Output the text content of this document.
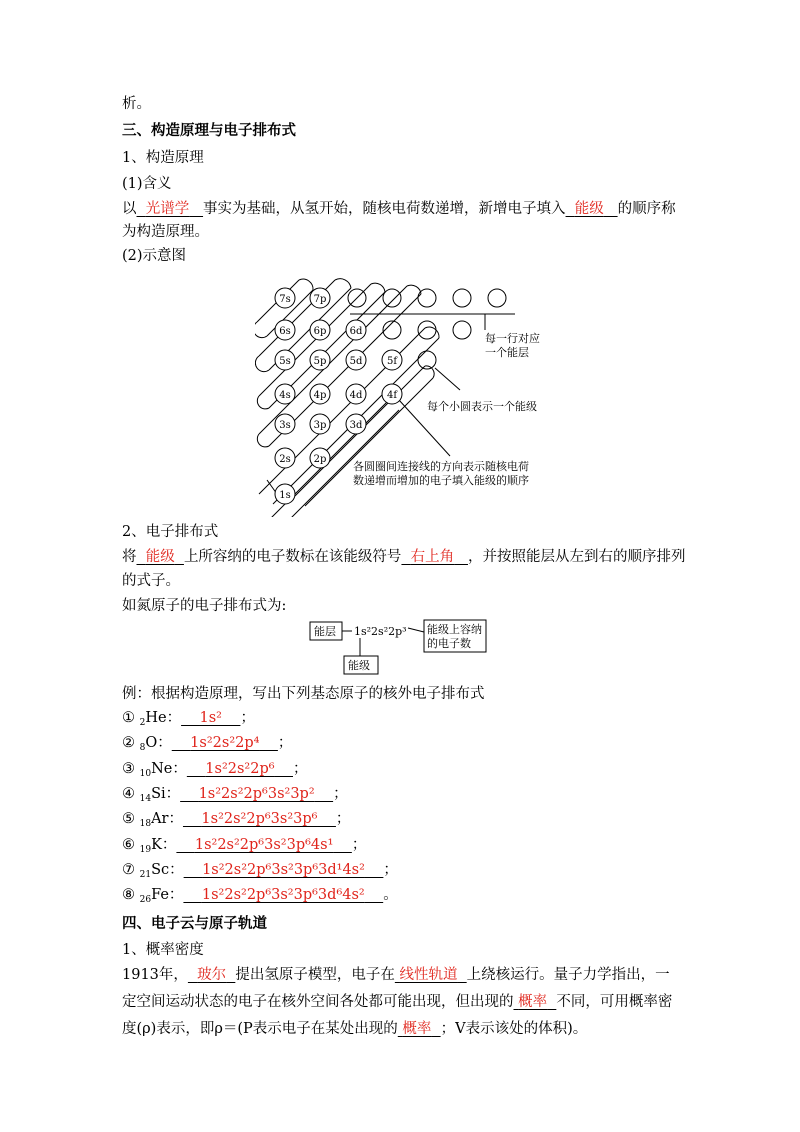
析。
三、构造原理与电子排布式
1、构造原理
(1)含义
以 光谱学 事实为基础，从氢开始，随核电荷数递增，新增电子填入 能级 的顺序称
为构造原理。
(2)示意图
7s 7p
6s 6p 6d
5s 5p 5d 5f
4s 4p 4d 4f
3s 3p 3d
2s 2p
1s
每一行对应
一个能层
每个小圆表示一个能级
各圆圈间连接线的方向表示随核电荷
数递增而增加的电子填入能级的顺序
2、电子排布式
将 能级 上所容纳的电子数标在该能级符号 右上角 ，并按照能层从左到右的顺序排列
的式子。
如氮原子的电子排布式为:
能层 1s²2s²2p³
能级
能级上容纳
的电子数
例：根据构造原理，写出下列基态原子的核外电子排布式
① $_2$He： 1s² ；
② $_8$O： 1s²2s²2p⁴ ；
③ $_{10}$Ne： 1s²2s²2p⁶ ；
④ $_{14}$Si： 1s²2s²2p⁶3s²3p² ；
⑤ $_{18}$Ar： 1s²2s²2p⁶3s²3p⁶ ；
⑥ $_{19}$K： 1s²2s²2p⁶3s²3p⁶4s¹ ；
⑦ $_{21}$Sc： 1s²2s²2p⁶3s²3p⁶3d¹4s² ；
⑧ $_{26}$Fe： 1s²2s²2p⁶3s²3p⁶3d⁶4s² 。
四、电子云与原子轨道
1、概率密度
1913年， 玻尔 提出氢原子模型，电子在 线性轨道 上绕核运行。量子力学指出，一
定空间运动状态的电子在核外空间各处都可能出现，但出现的 概率 不同，可用概率密
度(ρ)表示，即ρ＝(P表示电子在某处出现的 概率 ；V表示该处的体积)。
